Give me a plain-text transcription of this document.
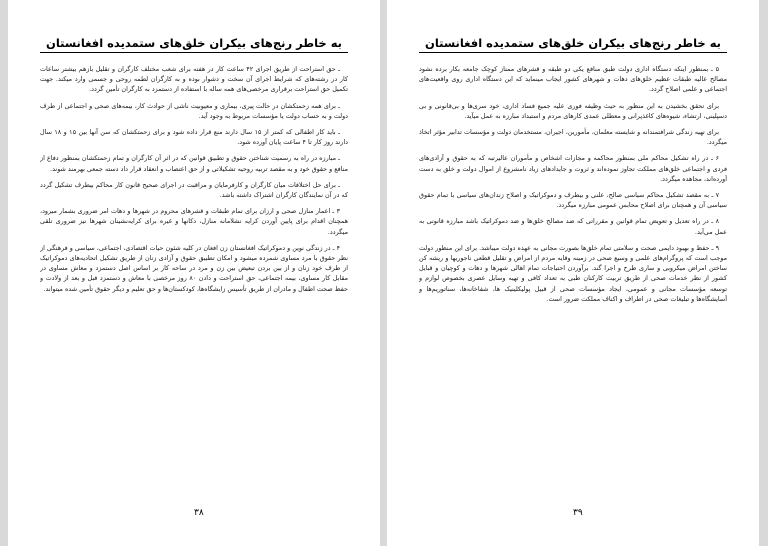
به خاطر رنج‌های بیکران خلق‌های ستمدیده افغانستان

ـ حق استراحت از طریق اجرای ۴۲ ساعت کار در هفته برای شعب مختلف کارگران و تقلیل بازهم بیشتر ساعات کار در رشته‌های که شرایط اجرای آن سخت و دشوار بوده و به کارگران لطمه روحی و جسمی وارد میکند. جهت تکمیل حق استراحت برقراری مرخصی‌های همه ساله با استفاده از دستمزد به کارگران تأمین گردد.

ـ برای همه زحمتکشان در حالت پیری، بیماری و معیوبیت ناشی از حوادث کار، بیمه‌های صحی و اجتماعی از طرف دولت و به حساب دولت یا مؤسسات مربوط به وجود آید.

ـ باید کار اطفالی که کمتر از ۱۵ سال دارند منع قرار داده شود و برای زحمتکشان که سن آنها بین ۱۵ و ۱۸ سال دارند روز کار تا ۴ ساعت پایان آورده شود.

ـ مبارزه در راه به رسمیت شناختن حقوق و تطبیق قوانین که در اثر آن کارگران و تمام زحمتکشان بمنظور دفاع از منافع و حقوق خود و به مقصد تربیه روحیه تشکیلاتی و از حق اعتصاب و انعقاد قرار داد دسته جمعی بهرمند شوند.

ـ برای حل اختلافات میان کارگران و کارفرمایان و مراقبت در اجرای صحیح قانون کار محاکم بیطرف تشکیل گردد که در آن نمایندگان کارگران اشتراک داشته باشد.

۳ ـ اعمار منازل صحی و ارزان برای تمام طبقات و قشرهای محروم در شهرها و دهات امر ضروری بشمار میرود، همچنان اقدام برای پایین آوردن کرایه نشلامانه منازل، دکانها و غیره برای کرایه‌نشینان شهرها نیز ضروری تلقی میگردد.

۴ ـ در زندگی نوین و دموکراتیک افغانستان زن افغان در کلیه شئون حیات اقتصادی، اجتماعی، سیاسی و فرهنگی از نظر حقوق با مرد مساوی شمرده میشود و امکان تطبیق حقوق و آزادی زنان از طریق تشکیل اتحادیه‌های دموکراتیک از طرف خود زنان و از بین بردن تبعیض بین زن و مرد در ساحه کار بر اساس اصل دستمزد و معاش مساوی در مقابل کار مساوی، بیمه اجتماعی، حق استراحت و دادن ۸۰ روز مرخصی با معاش و دستمزد قبل و بعد از ولادت و حفظ صحت اطفال و مادران از طریق تأسیس زایشگاه‌ها، کودکستان‌ها و حق تعلیم و دیگر حقوق تأمین شده میتواند.

۳۸
به خاطر رنج‌های بیکران خلق‌های ستمدیده افغانستان

۵ ـ بمنظور اینکه دستگاه اداری دولت طبق منافع یکی دو طبقه و قشرهای ممتاز کوچک جامعه بکار برده نشود مصالح عالیه طبقات عظیم خلق‌های دهات و شهرهای کشور ایجاب مینماید که این دستگاه اداری روی واقعیت‌های اجتماعی و علمی اصلاح گردد.

برای تحقق بخشیدن به این منظور به حیث وظیفه فوری علیه جمیع فساد اداری، خود سری‌ها و بی‌قانونی و بی دسپلینی، ارتشاء، شیوه‌های کاغذپرانی و معطلی عمدی کارهای مردم و استبداد مبارزه به عمل میآید.

برای تهیه زندگی شرافتمندانه و شایسته معلمان، مأمورین، اجیران، مستخدمان دولت و مؤسسات تدابیر مؤثر اتخاذ میگردد.

۶ ـ در راه تشکیل محاکم ملی بمنظور محاکمه و مجازات اشخاص و مأموران عالیرتبه که به حقوق و آزادی‌های فردی و اجتماعی خلق‌های مملکت تجاوز نموده‌اند و ثروت و جایداد‌های زیاد نامشروع از اموال دولت و خلق به دست آورده‌اند، مجاهده میگردد.

۷ ـ به مقصد تشکیل محاکم سیاسی صالح، علنی و بیطرف و دموکراتیک و اصلاح زندان‌های سیاسی با تمام حقوق سیاسی آن و همچنان برای اصلاح محابس عمومی مبارزه میگردد.

۸ ـ در راه تعدیل و تعویض تمام قوانین و مقرراتی که ضد مصالح خلق‌ها و ضد دموکراتیک باشد مبارزه قانونی به عمل می‌آید.

۹ ـ حفظ و بهبود دایمی صحت و سلامتی تمام خلق‌ها بصورت مجانی به عهده دولت میباشد. برای این منظور دولت موجب است که پروگرام‌های علمی و وسیع صحی در زمینه وقایه مردم از امراض و تقلیل قطعی ناجوریها و ریشه کن ساختن امراض میکروبی و ساری طرح و اجرا گند. برآوردن احتیاجات تمام اهالی شهرها و دهات و کوچیان و قبایل کشور از نظر خدمات صحی از طریق تربیت کارکنان طبی به تعداد کافی و تهیه وسایل عصری بخصوص لوازم و توسعه مؤسسات مجانی و عمومی، ایجاد مؤسسات صحی از قبیل پولیکلینیک ها، شفاخانه‌ها، سناتوریم‌ها و آسایشگاه‌ها و تبلیغات صحی در اطراف و اکناف مملکت ضرور است.

۳۹
